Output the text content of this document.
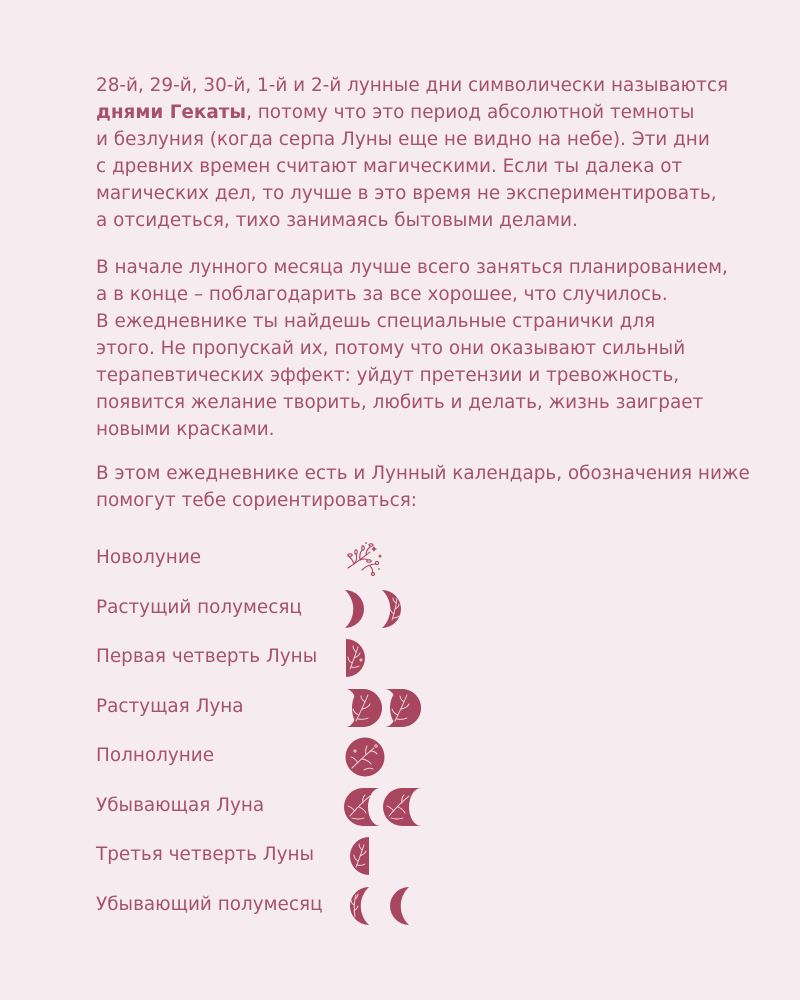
28-й, 29-й, 30-й, 1-й и 2-й лунные дни символически называются
днями Гекаты, потому что это период абсолютной темноты
и безлуния (когда серпа Луны еще не видно на небе). Эти дни
с древних времен считают магическими. Если ты далека от
магических дел, то лучше в это время не экспериментировать,
а отсидеться, тихо занимаясь бытовыми делами.
В начале лунного месяца лучше всего заняться планированием,
а в конце – поблагодарить за все хорошее, что случилось.
В ежедневнике ты найдешь специальные странички для
этого. Не пропускай их, потому что они оказывают сильный
терапевтических эффект: уйдут претензии и тревожность,
появится желание творить, любить и делать, жизнь заиграет
новыми красками.
В этом ежедневнике есть и Лунный календарь, обозначения ниже
помогут тебе сориентироваться:
Новолуние
Растущий полумесяц
Первая четверть Луны
Растущая Луна
Полнолуние
Убывающая Луна
Третья четверть Луны
Убывающий полумесяц
